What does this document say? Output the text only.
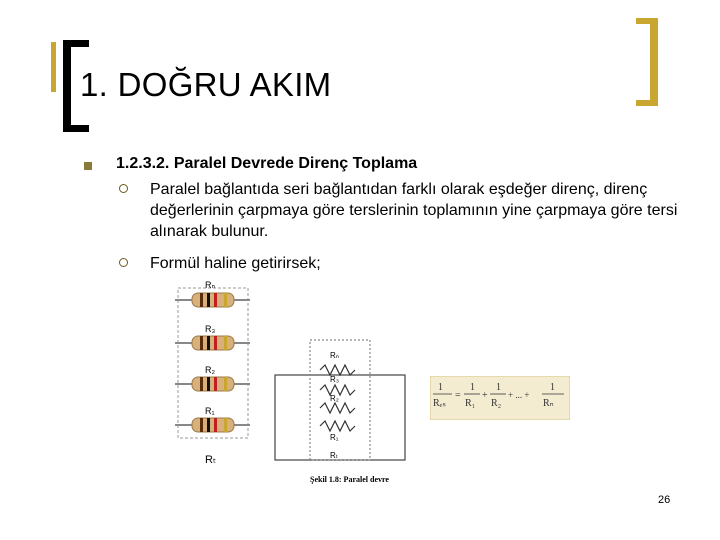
1. DOĞRU AKIM
1.2.3.2. Paralel Devrede Direnç Toplama
Paralel bağlantıda seri bağlantıdan farklı olarak eşdeğer direnç, direnç değerlerinin çarpmaya göre terslerinin toplamının yine çarpmaya göre tersi alınarak bulunur.
Formül haline getirirsek;
Rₙ
R₃
R₂
R₁
Rₜ
Rₙ
R₃
R₂
R₁
Rₜ
Şekil 1.8: Paralel devre
1
Rₑₛ
=
1
R₁
+
1
R₂
+ ... +
1
Rₙ
26
